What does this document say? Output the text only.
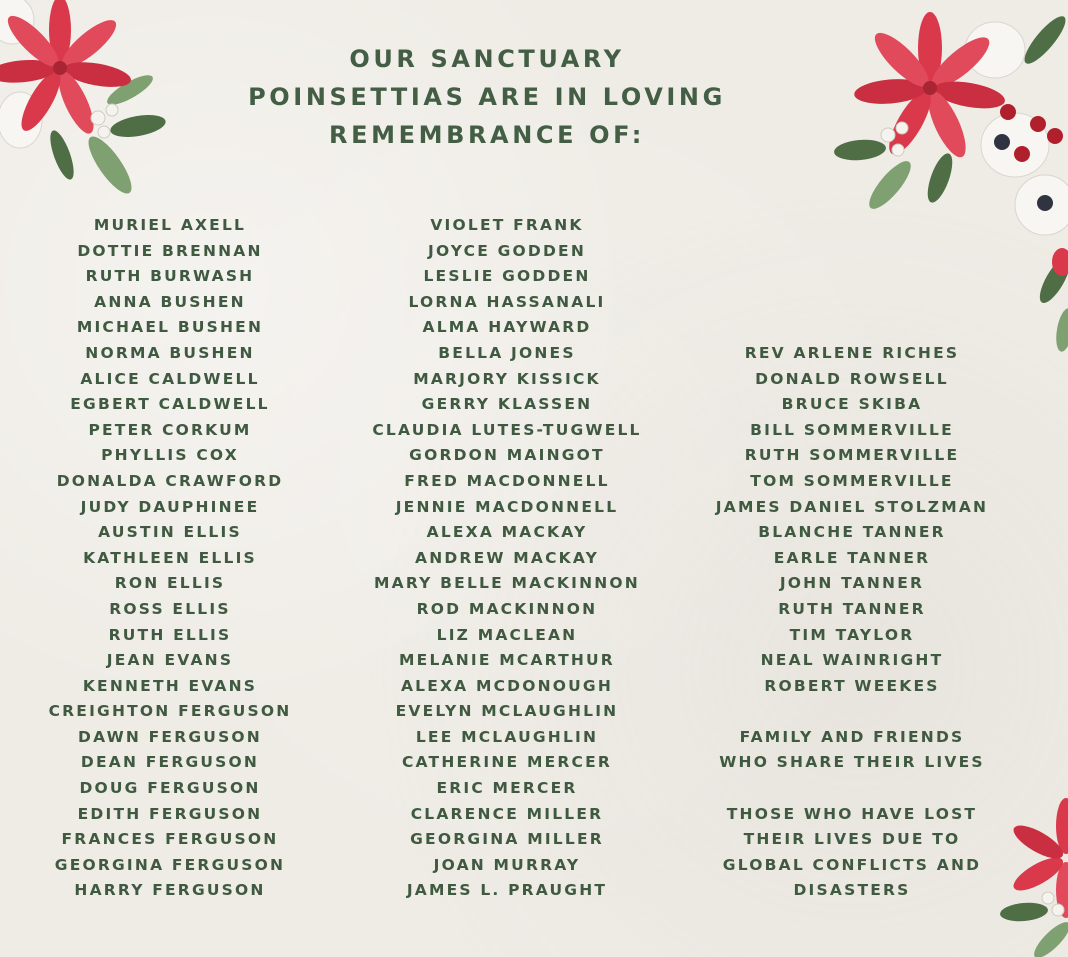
OUR SANCTUARY
POINSETTIAS ARE IN LOVING
REMEMBRANCE OF:
MURIEL AXELL
DOTTIE BRENNAN
RUTH BURWASH
ANNA BUSHEN
MICHAEL BUSHEN
NORMA BUSHEN
ALICE CALDWELL
EGBERT CALDWELL
PETER CORKUM
PHYLLIS COX
DONALDA CRAWFORD
JUDY DAUPHINEE
AUSTIN ELLIS
KATHLEEN ELLIS
RON ELLIS
ROSS ELLIS
RUTH ELLIS
JEAN EVANS
KENNETH EVANS
CREIGHTON FERGUSON
DAWN FERGUSON
DEAN FERGUSON
DOUG FERGUSON
EDITH FERGUSON
FRANCES FERGUSON
GEORGINA FERGUSON
HARRY FERGUSON
VIOLET FRANK
JOYCE GODDEN
LESLIE GODDEN
LORNA HASSANALI
ALMA HAYWARD
BELLA JONES
MARJORY KISSICK
GERRY KLASSEN
CLAUDIA LUTES-TUGWELL
GORDON MAINGOT
FRED MACDONNELL
JENNIE MACDONNELL
ALEXA MACKAY
ANDREW MACKAY
MARY BELLE MACKINNON
ROD MACKINNON
LIZ MACLEAN
MELANIE MCARTHUR
ALEXA MCDONOUGH
EVELYN MCLAUGHLIN
LEE MCLAUGHLIN
CATHERINE MERCER
ERIC MERCER
CLARENCE MILLER
GEORGINA MILLER
JOAN MURRAY
JAMES L. PRAUGHT
REV ARLENE RICHES
DONALD ROWSELL
BRUCE SKIBA
BILL SOMMERVILLE
RUTH SOMMERVILLE
TOM SOMMERVILLE
JAMES DANIEL STOLZMAN
BLANCHE TANNER
EARLE TANNER
JOHN TANNER
RUTH TANNER
TIM TAYLOR
NEAL WAINRIGHT
ROBERT WEEKES
FAMILY AND FRIENDS
WHO SHARE THEIR LIVES
THOSE WHO HAVE LOST
THEIR LIVES DUE TO
GLOBAL CONFLICTS AND
DISASTERS
